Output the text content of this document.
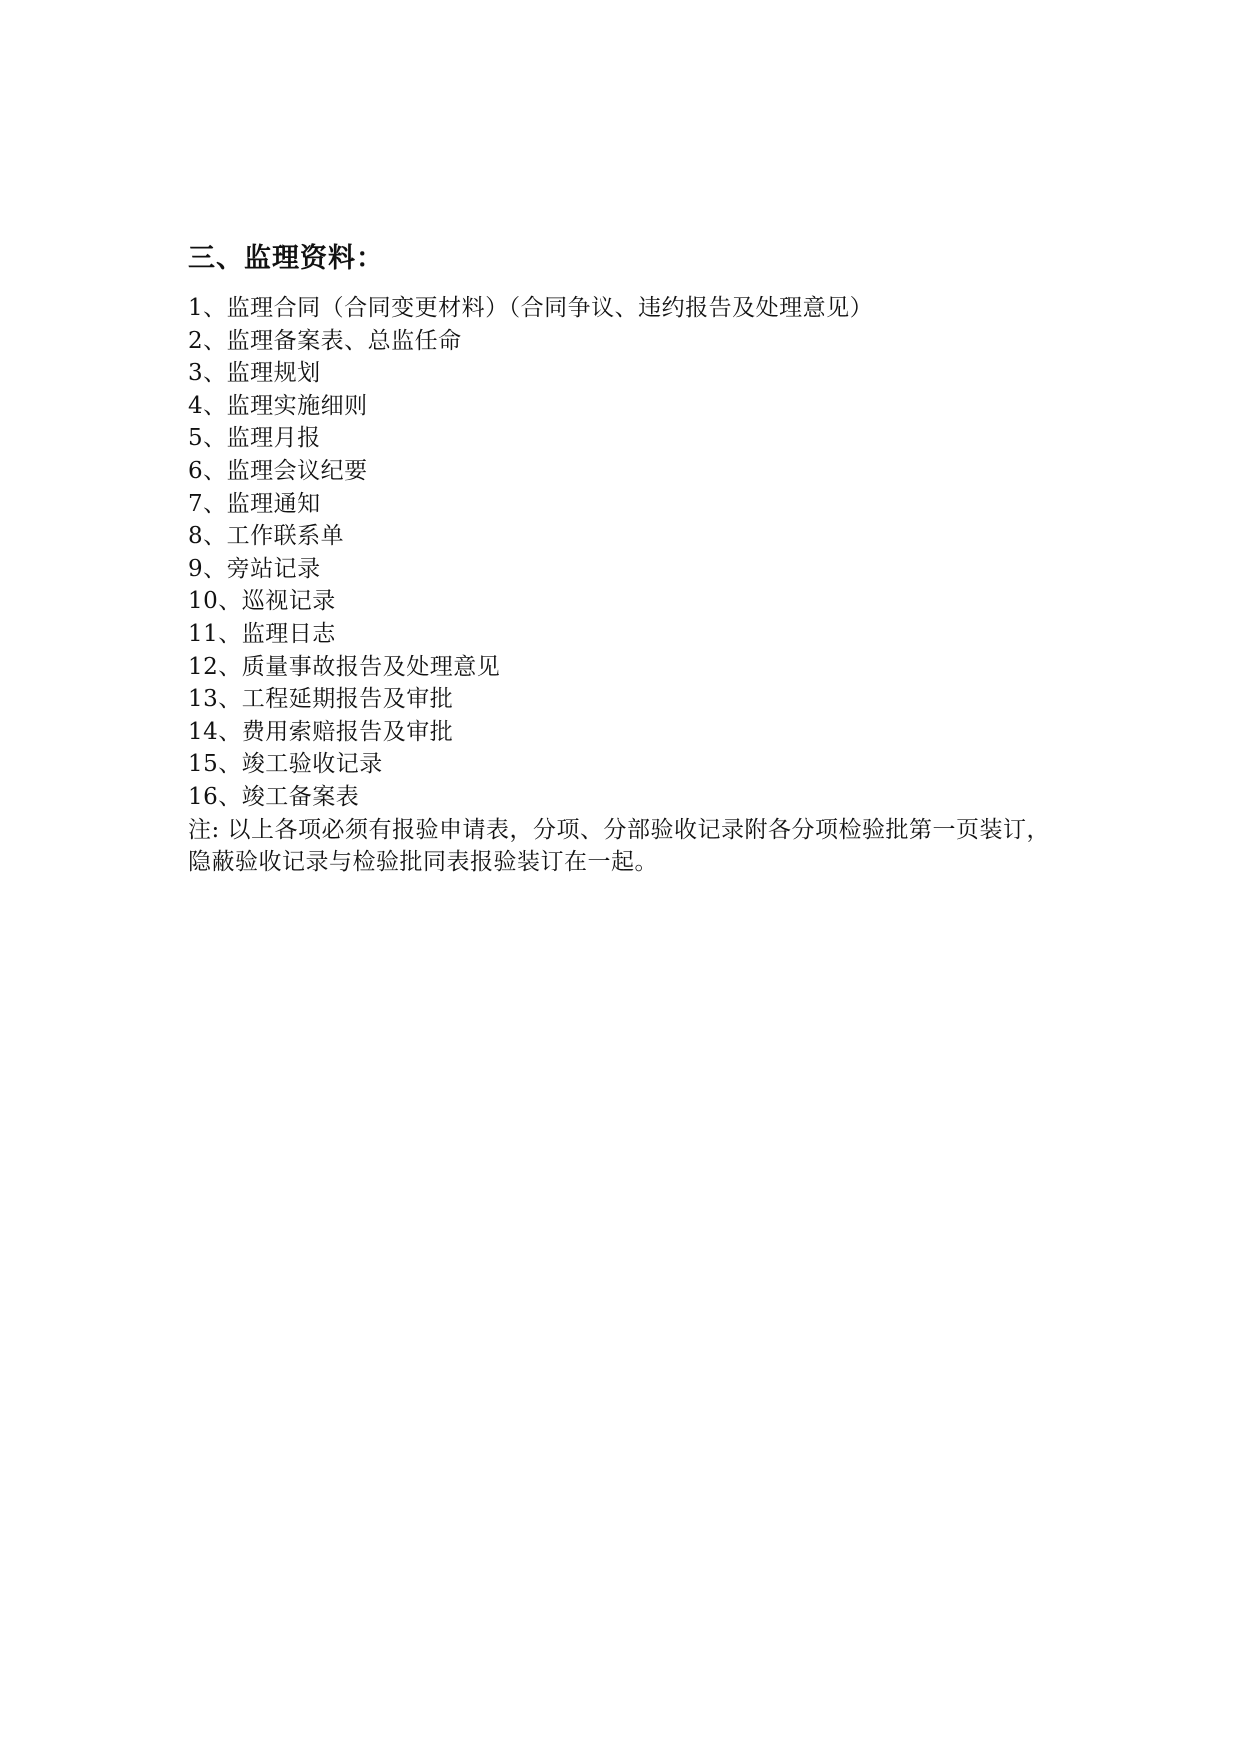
三、监理资料：
1、监理合同（合同变更材料）（合同争议、违约报告及处理意见）
2、监理备案表、总监任命
3、监理规划
4、监理实施细则
5、监理月报
6、监理会议纪要
7、监理通知
8、工作联系单
9、旁站记录
10、巡视记录
11、监理日志
12、质量事故报告及处理意见
13、工程延期报告及审批
14、费用索赔报告及审批
15、竣工验收记录
16、竣工备案表

注: 以上各项必须有报验申请表，分项、分部验收记录附各分项检验批第一页装订，
隐蔽验收记录与检验批同表报验装订在一起。
